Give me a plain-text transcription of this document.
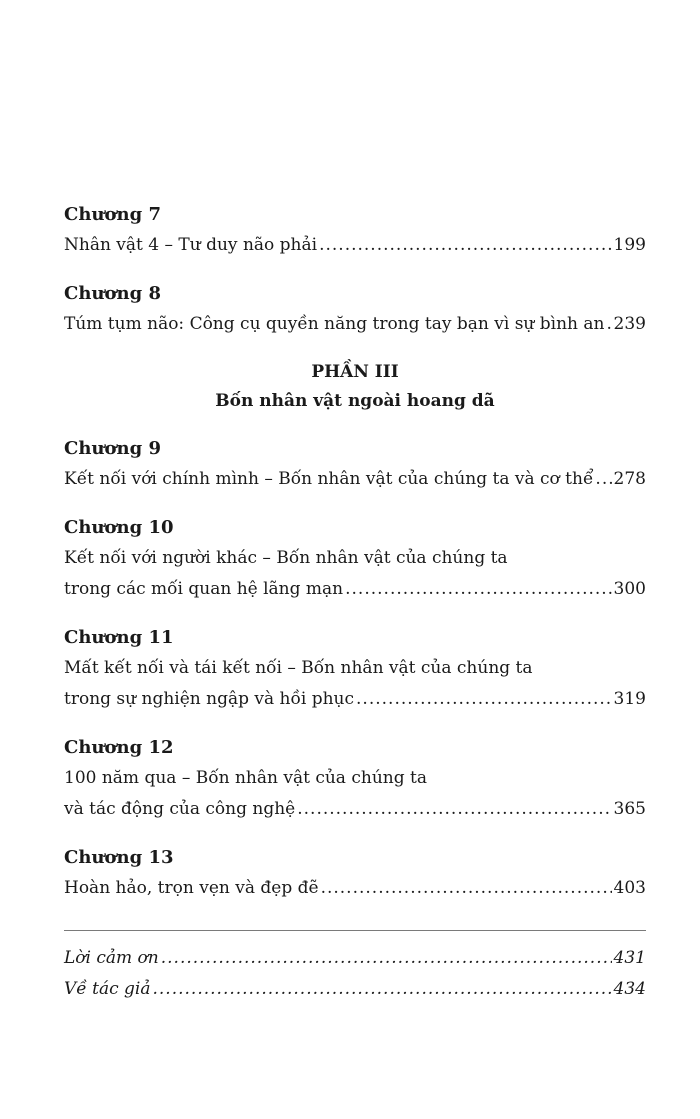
Chương 7
Nhân vật 4 – Tư duy não phải .....	199
Chương 8
Túm tụm não: Công cụ quyền năng trong tay bạn vì sự bình an ..... 239
PHẦN III
Bốn nhân vật ngoài hoang dã
Chương 9
Kết nối với chính mình – Bốn nhân vật của chúng ta và cơ thể ..... 278
Chương 10
Kết nối với người khác – Bốn nhân vật của chúng ta
trong các mối quan hệ lãng mạn .....	300
Chương 11
Mất kết nối và tái kết nối – Bốn nhân vật của chúng ta
trong sự nghiện ngập và hồi phục .....	319
Chương 12
100 năm qua – Bốn nhân vật của chúng ta
và tác động của công nghệ .....	365
Chương 13
Hoàn hảo, trọn vẹn và đẹp đẽ .....	403
Lời cảm ơn .....	431
Về tác giả .....	434
